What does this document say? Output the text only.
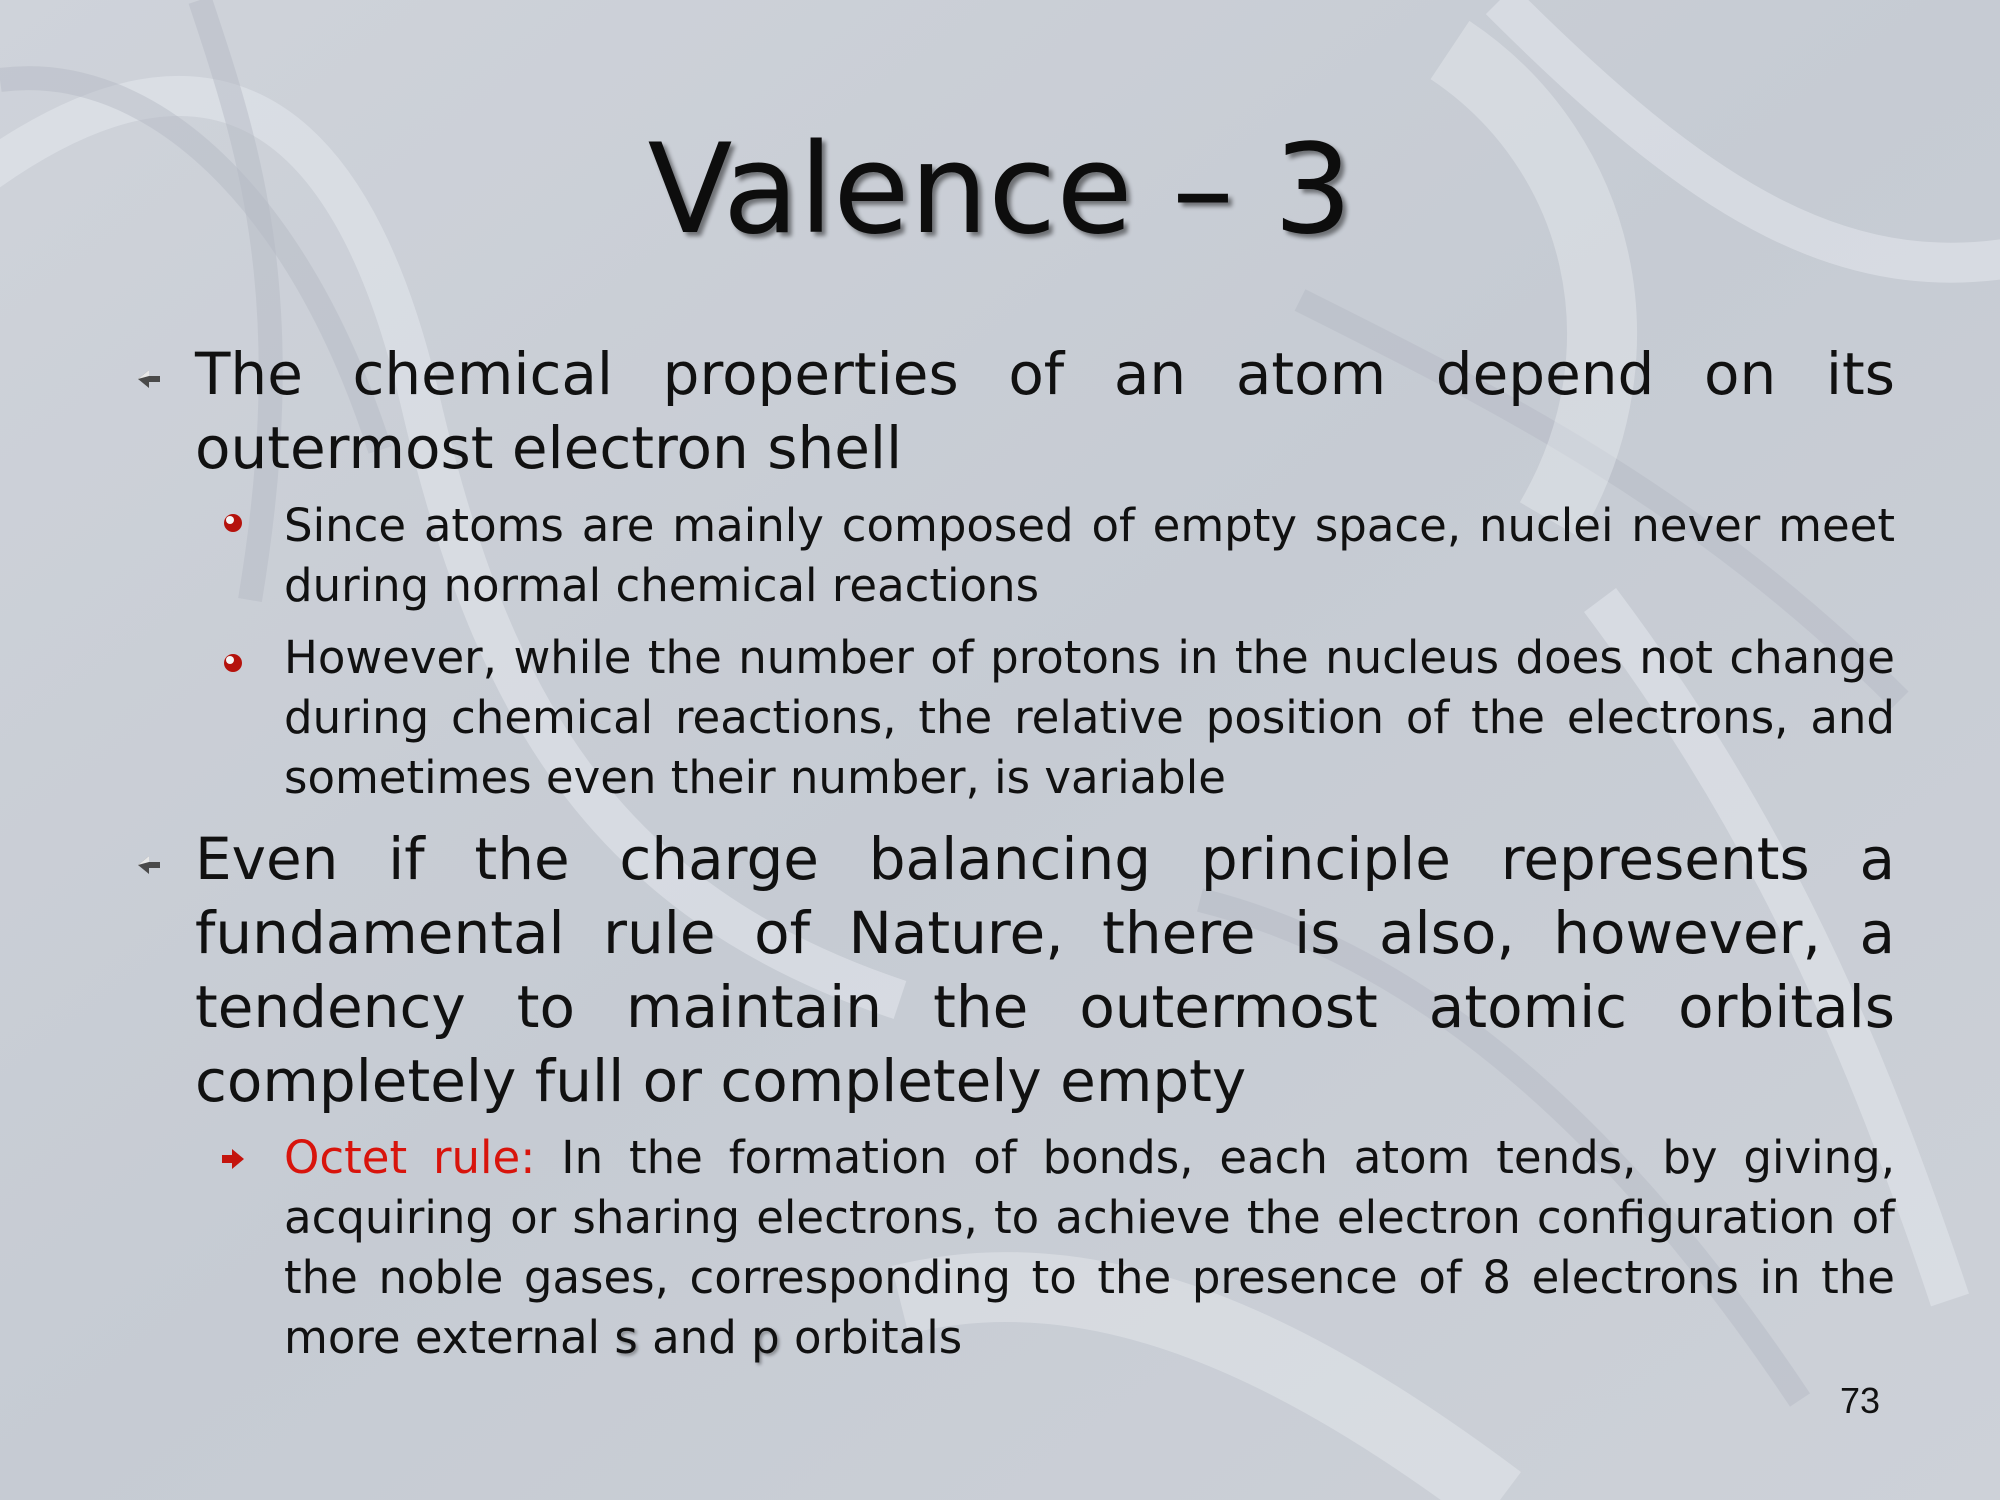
Valence – 3
The chemical properties of an atom depend on its outermost electron shell
Since atoms are mainly composed of empty space, nuclei never meet during normal chemical reactions
However, while the number of protons in the nucleus does not change during chemical reactions, the relative position of the electrons, and sometimes even their number, is variable
Even if the charge balancing principle represents a fundamental rule of Nature, there is also, however, a tendency to maintain the outermost atomic orbitals completely full or completely empty
Octet rule: In the formation of bonds, each atom tends, by giving, acquiring or sharing electrons, to achieve the electron configuration of the noble gases, corresponding to the presence of 8 electrons in the more external s and p orbitals
73
